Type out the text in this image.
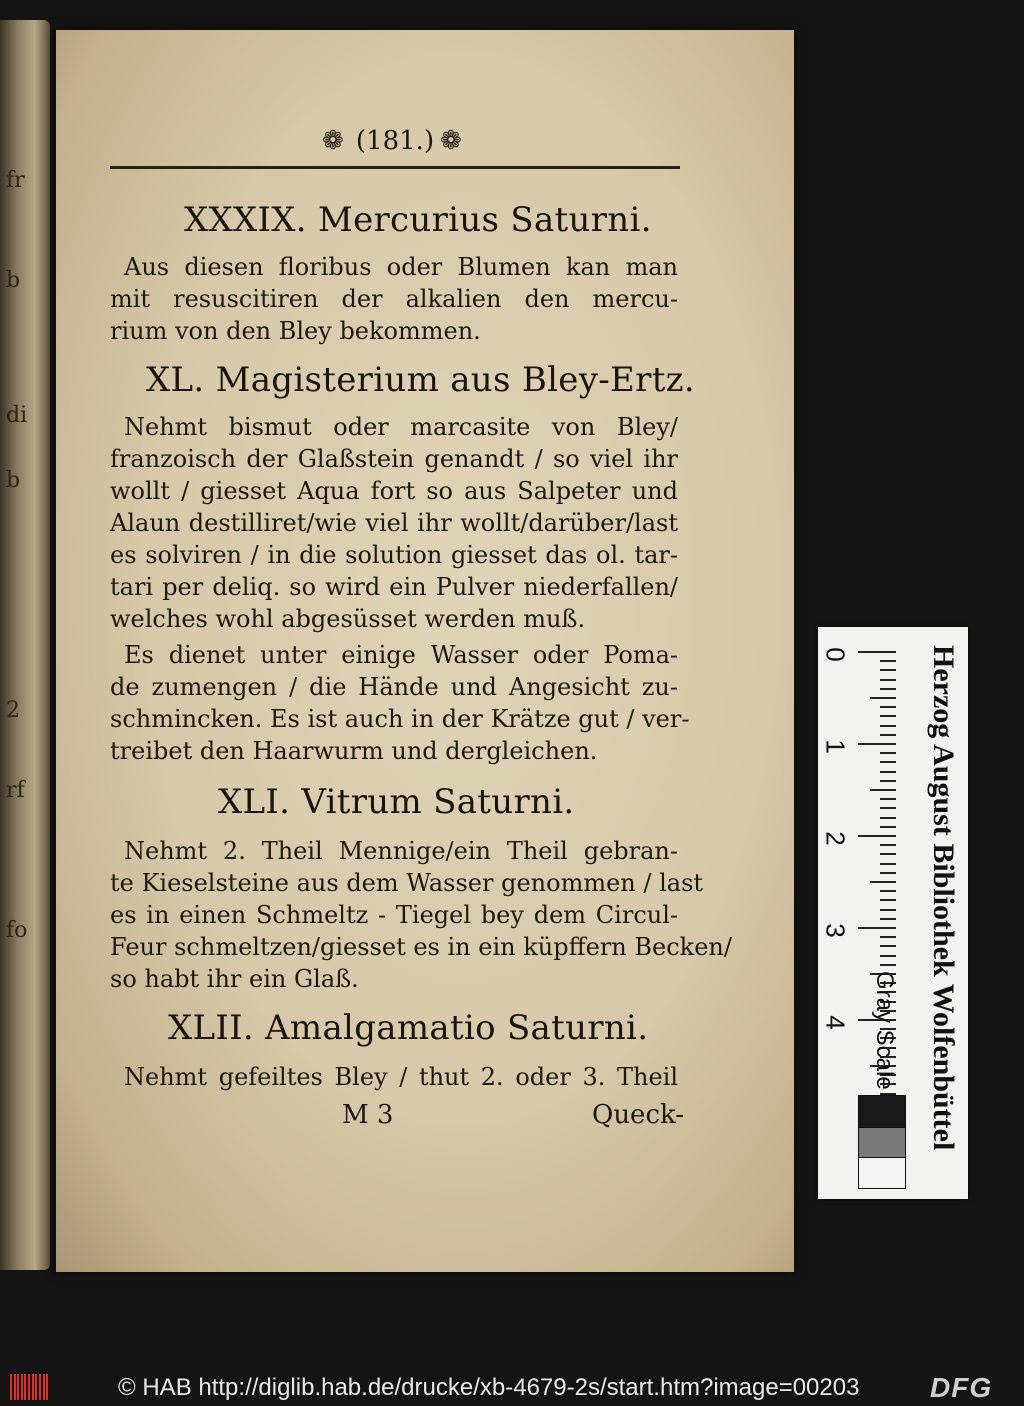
fr
b
di
b
2
rf
fo
❁ (181.) ❁
XXXIX. Mercurius Saturni.
Aus diesen floribus oder Blumen kan man
mit resuscitiren der alkalien den mercu-
rium von den Bley bekommen.
XL. Magisterium aus Bley-Ertz.
Nehmt bismut oder marcasite von Bley/
franzoisch der Glaßstein genandt / so viel ihr
wollt / giesset Aqua fort so aus Salpeter und
Alaun destilliret/wie viel ihr wollt/darüber/last
es solviren / in die solution giesset das ol. tar-
tari per deliq. so wird ein Pulver niederfallen/
welches wohl abgesüsset werden muß.
Es dienet unter einige Wasser oder Poma-
de zumengen / die Hände und Angesicht zu-
schmincken. Es ist auch in der Krätze gut / ver-
treibet den Haarwurm und dergleichen.
XLI. Vitrum Saturni.
Nehmt 2. Theil Mennige/ein Theil gebran-
te Kieselsteine aus dem Wasser genommen / last
es in einen Schmeltz - Tiegel bey dem Circul-
Feur schmeltzen/giesset es in ein küpffern Becken/
so habt ihr ein Glaß.
XLII. Amalgamatio Saturni.
Nehmt gefeiltes Bley / thut 2. oder 3. Theil
M 3	Queck-
0
1
2
3
4	Herzog August Bibliothek Wolfenbüttel
Gray Scale
© HAB http://diglib.hab.de/drucke/xb-4679-2s/start.htm?image=00203	DFG
